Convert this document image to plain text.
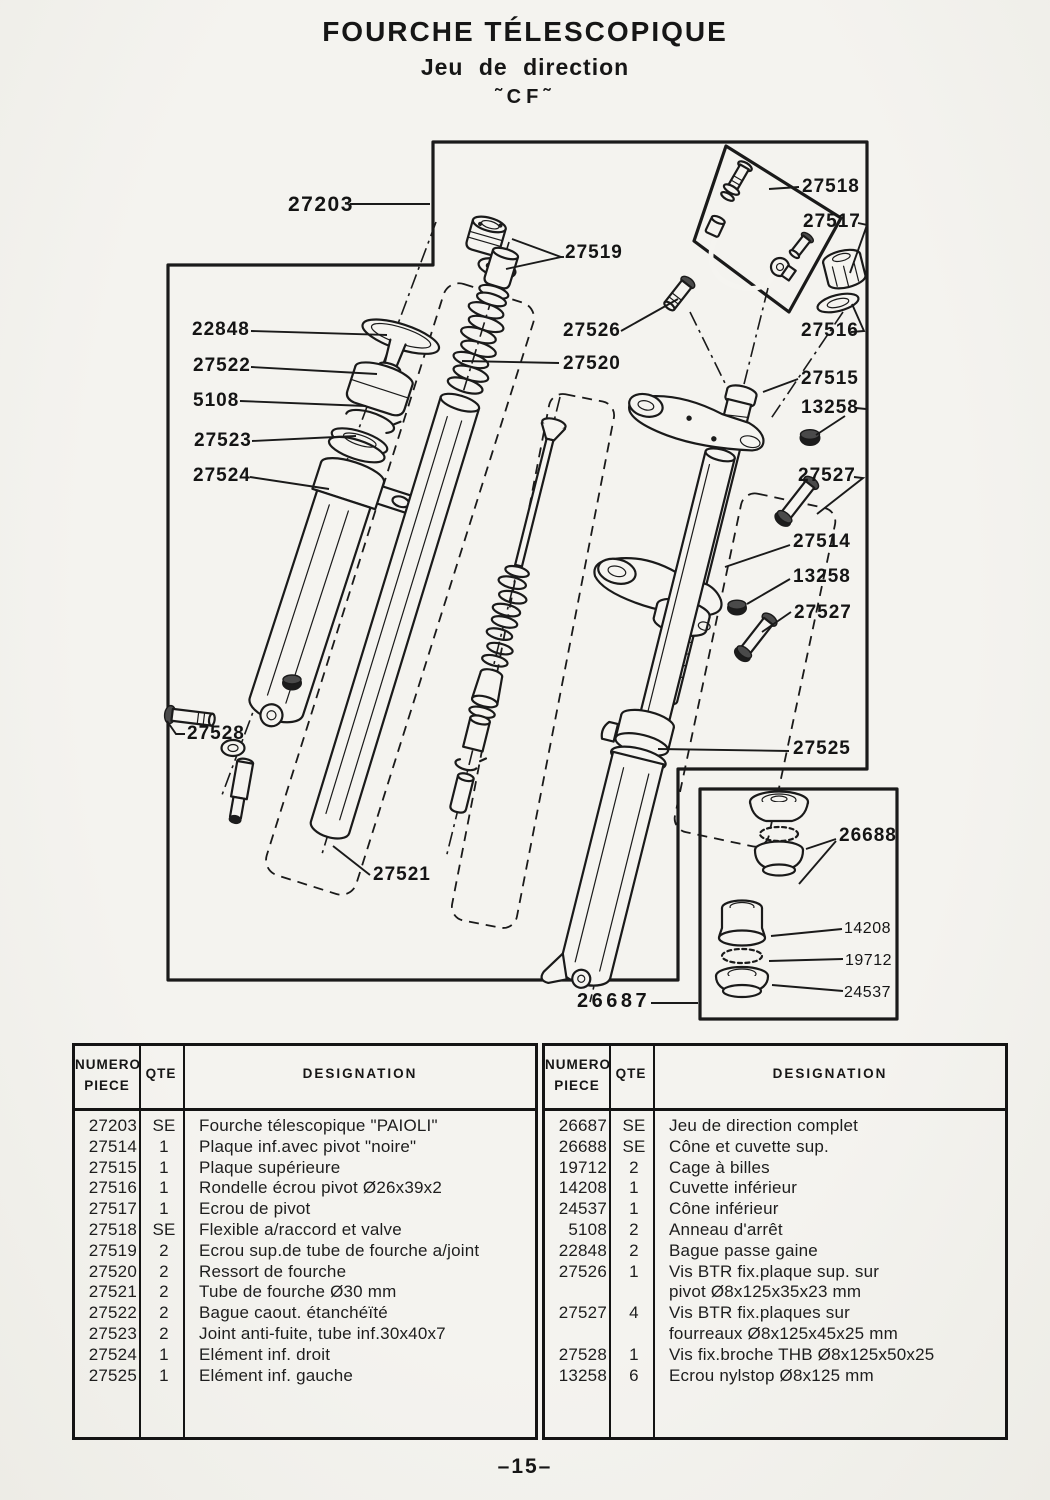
FOURCHE TÉLESCOPIQUE
Jeu de direction
˜CF˜
27203
27519
27526
27520
22848
27522
5108
27523
27524
27528
27521
27518
27517
27516
27515
13258
27527
27514
13258
27527
27525
26687
26688
14208
19712
24537
NUMERO
PIECE
QTE	DESIGNATION
27203 SE	Fourche télescopique "PAIOLI"
27514	1	Plaque inf.avec pivot "noire"
27515	1	Plaque supérieure
27516	1	Rondelle écrou pivot Ø26x39x2
27517	1	Ecrou de pivot
27518 SE	Flexible a/raccord et valve
27519	2	Ecrou sup.de tube de fourche a/joint
27520	2	Ressort de fourche
27521	2	Tube de fourche Ø30 mm
27522	2	Bague caout. étanchéïté
27523	2	Joint anti-fuite, tube inf.30x40x7
27524	1	Elément inf. droit
27525	1	Elément inf. gauche
NUMERO
PIECE
QTE	DESIGNATION
26687 SE	Jeu de direction complet
26688 SE	Cône et cuvette sup.
19712	2	Cage à billes
14208	1	Cuvette inférieur
24537	1	Cône inférieur
5108	2	Anneau d'arrêt
22848	2	Bague passe gaine
27526	1	Vis BTR fix.plaque sup. sur
pivot Ø8x125x35x23 mm
27527	4	Vis BTR fix.plaques sur
fourreaux Ø8x125x45x25 mm
27528	1	Vis fix.broche THB Ø8x125x50x25
13258	6	Ecrou nylstop Ø8x125 mm
–15–
